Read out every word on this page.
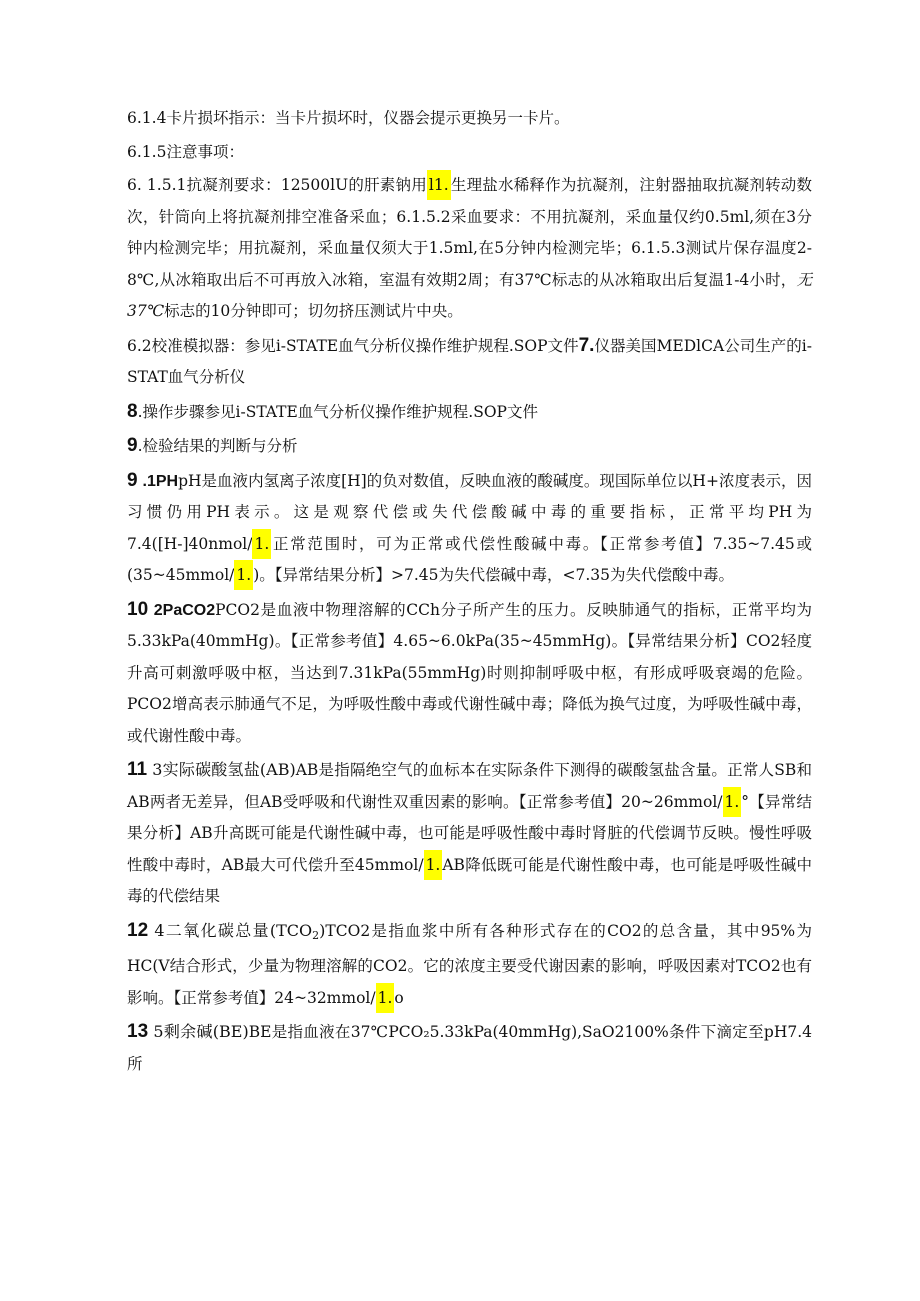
6.1.4卡片损坏指示：当卡片损坏时，仪器会提示更换另一卡片。

6.1.5注意事项：

6. 1.5.1抗凝剂要求：12500lU的肝素钠用 l1. 生理盐水稀释作为抗凝剂，注射器抽取抗凝剂转动数次，针筒向上将抗凝剂排空准备采血；6.1.5.2采血要求：不用抗凝剂，采血量仅约0.5ml,须在3分钟内检测完毕；用抗凝剂，采血量仅须大于1.5ml,在5分钟内检测完毕；6.1.5.3测试片保存温度2-8℃,从冰箱取出后不可再放入冰箱，室温有效期2周；有37℃标志的从冰箱取出后复温1-4小时，无37℃标志的10分钟即可；切勿挤压测试片中央。

6.2校准模拟器：参见i-STATE血气分析仪操作维护规程.SOP文件7.仪器美国MEDlCA公司生产的i-STAT血气分析仪

8.操作步骤参见i-STATE血气分析仪操作维护规程.SOP文件

9.检验结果的判断与分析

9 .1PHpH是血液内氢离子浓度[H]的负对数值，反映血液的酸碱度。现国际单位以H+浓度表示，因习惯仍用PH表示。这是观察代偿或失代偿酸碱中毒的重要指标，正常平均PH为7.4([H-]40nmol/ 1. 正常范围时，可为正常或代偿性酸碱中毒。【正常参考值】7.35~7.45或(35~45mmol/ 1. )。【异常结果分析】>7.45为失代偿碱中毒，<7.35为失代偿酸中毒。

10 2PaCO2PCO2是血液中物理溶解的CCh分子所产生的压力。反映肺通气的指标，正常平均为5.33kPa(40mmHg)。【正常参考值】4.65~6.0kPa(35~45mmHg)。【异常结果分析】CO2轻度升高可刺激呼吸中枢，当达到7.31kPa(55mmHg)时则抑制呼吸中枢，有形成呼吸衰竭的危险。PCO2增高表示肺通气不足，为呼吸性酸中毒或代谢性碱中毒；降低为换气过度，为呼吸性碱中毒，或代谢性酸中毒。

11 3实际碳酸氢盐(AB)AB是指隔绝空气的血标本在实际条件下测得的碳酸氢盐含量。正常人SB和AB两者无差异，但AB受呼吸和代谢性双重因素的影响。【正常参考值】20~26mmol/ 1. °【异常结果分析】AB升高既可能是代谢性碱中毒，也可能是呼吸性酸中毒时肾脏的代偿调节反映。慢性呼吸性酸中毒时，AB最大可代偿升至45mmol/ 1. AB降低既可能是代谢性酸中毒，也可能是呼吸性碱中毒的代偿结果

12 4二氧化碳总量$(TCO_2)TCO2$是指血浆中所有各种形式存在的CO2的总含量，其中95%为HC(V结合形式，少量为物理溶解的CO2。它的浓度主要受代谢因素的影响，呼吸因素对TCO2也有影响。【正常参考值】24~32mmol/ 1. o

13 5剩余碱(BE)BE是指血液在37℃PCO₂5.33kPa(40mmHg),SaO2100%条件下滴定至pH7.4所
